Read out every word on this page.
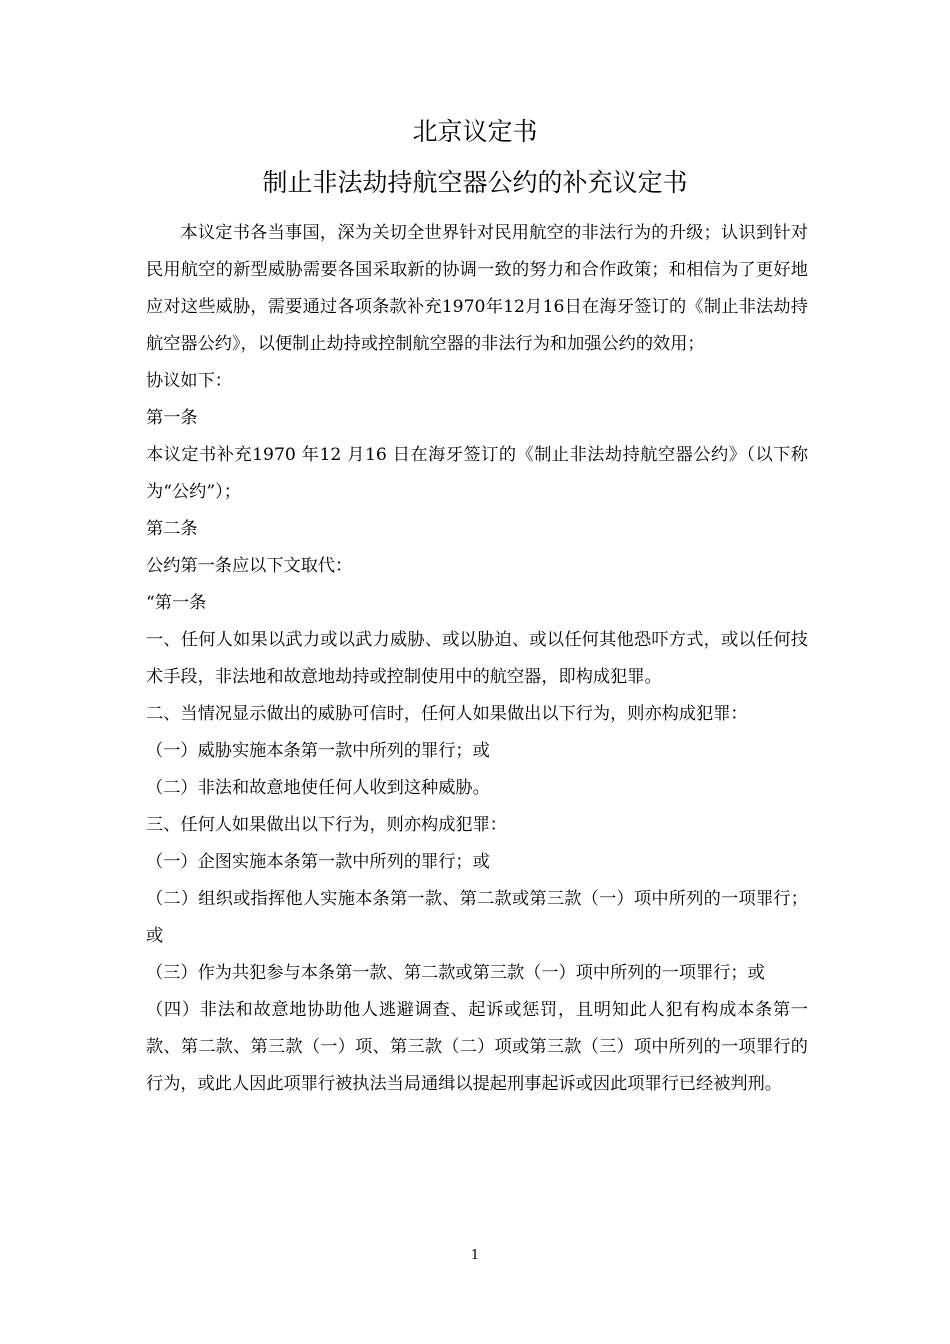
北京议定书
制止非法劫持航空器公约的补充议定书

本议定书各当事国，深为关切全世界针对民用航空的非法行为的升级；认识到针对民用航空的新型威胁需要各国采取新的协调一致的努力和合作政策；和相信为了更好地应对这些威胁，需要通过各项条款补充1970年12月16日在海牙签订的《制止非法劫持航空器公约》，以便制止劫持或控制航空器的非法行为和加强公约的效用；

协议如下：

第一条

本议定书补充1970 年12 月16 日在海牙签订的《制止非法劫持航空器公约》（以下称为“公约”）；

第二条

公约第一条应以下文取代：

“第一条

一、任何人如果以武力或以武力威胁、或以胁迫、或以任何其他恐吓方式，或以任何技术手段，非法地和故意地劫持或控制使用中的航空器，即构成犯罪。

二、当情况显示做出的威胁可信时，任何人如果做出以下行为，则亦构成犯罪：

（一）威胁实施本条第一款中所列的罪行；或

（二）非法和故意地使任何人收到这种威胁。

三、任何人如果做出以下行为，则亦构成犯罪：

（一）企图实施本条第一款中所列的罪行；或

（二）组织或指挥他人实施本条第一款、第二款或第三款（一）项中所列的一项罪行；或

（三）作为共犯参与本条第一款、第二款或第三款（一）项中所列的一项罪行；或

（四）非法和故意地协助他人逃避调查、起诉或惩罚，且明知此人犯有构成本条第一款、第二款、第三款（一）项、第三款（二）项或第三款（三）项中所列的一项罪行的行为，或此人因此项罪行被执法当局通缉以提起刑事起诉或因此项罪行已经被判刑。

1
